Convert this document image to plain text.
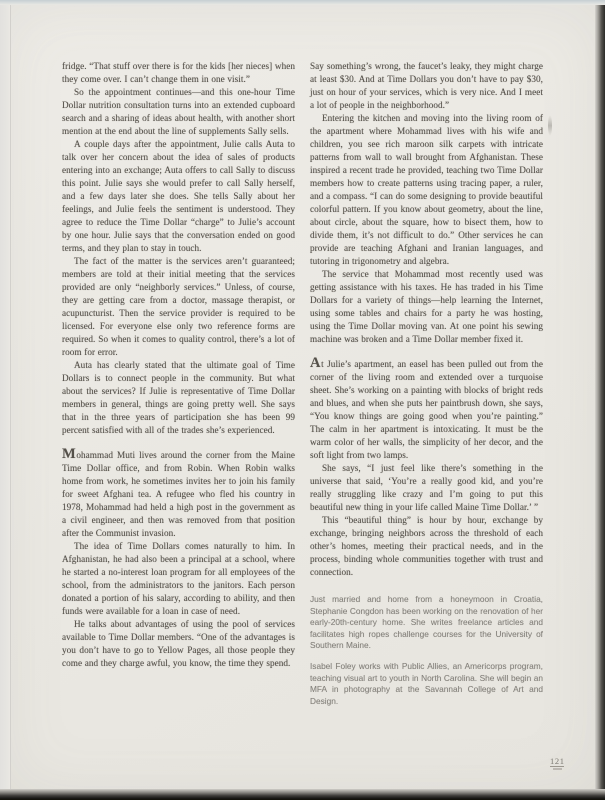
fridge. “That stuff over there is for the kids [her nieces] when they come over. I can’t change them in one visit.”

So the appointment continues—and this one-hour Time Dollar nutrition consultation turns into an extended cupboard search and a sharing of ideas about health, with another short mention at the end about the line of supplements Sally sells.

A couple days after the appointment, Julie calls Auta to talk over her concern about the idea of sales of products entering into an exchange; Auta offers to call Sally to discuss this point. Julie says she would prefer to call Sally herself, and a few days later she does. She tells Sally about her feelings, and Julie feels the sentiment is understood. They agree to reduce the Time Dollar “charge” to Julie’s account by one hour. Julie says that the conversation ended on good terms, and they plan to stay in touch.

The fact of the matter is the services aren’t guaranteed; members are told at their initial meeting that the services provided are only “neighborly services.” Unless, of course, they are getting care from a doctor, massage therapist, or acupuncturist. Then the service provider is required to be licensed. For everyone else only two reference forms are required. So when it comes to quality control, there’s a lot of room for error.

Auta has clearly stated that the ultimate goal of Time Dollars is to connect people in the community. But what about the services? If Julie is representative of Time Dollar members in general, things are going pretty well. She says that in the three years of participation she has been 99 percent satisfied with all of the trades she’s experienced.

Mohammad Muti lives around the corner from the Maine Time Dollar office, and from Robin. When Robin walks home from work, he sometimes invites her to join his family for sweet Afghani tea. A refugee who fled his country in 1978, Mohammad had held a high post in the government as a civil engineer, and then was removed from that position after the Communist invasion.

The idea of Time Dollars comes naturally to him. In Afghanistan, he had also been a principal at a school, where he started a no-interest loan program for all employees of the school, from the administrators to the janitors. Each person donated a portion of his salary, according to ability, and then funds were available for a loan in case of need.

He talks about advantages of using the pool of services available to Time Dollar members. “One of the advantages is you don’t have to go to Yellow Pages, all those people they come and they charge awful, you know, the time they spend.

Say something’s wrong, the faucet’s leaky, they might charge at least $30. And at Time Dollars you don’t have to pay $30, just on hour of your services, which is very nice. And I meet a lot of people in the neighborhood.”

Entering the kitchen and moving into the living room of the apartment where Mohammad lives with his wife and children, you see rich maroon silk carpets with intricate patterns from wall to wall brought from Afghanistan. These inspired a recent trade he provided, teaching two Time Dollar members how to create patterns using tracing paper, a ruler, and a compass. “I can do some designing to provide beautiful colorful pattern. If you know about geometry, about the line, about circle, about the square, how to bisect them, how to divide them, it’s not difficult to do.” Other services he can provide are teaching Afghani and Iranian languages, and tutoring in trigonometry and algebra.

The service that Mohammad most recently used was getting assistance with his taxes. He has traded in his Time Dollars for a variety of things—help learning the Internet, using some tables and chairs for a party he was hosting, using the Time Dollar moving van. At one point his sewing machine was broken and a Time Dollar member fixed it.

At Julie’s apartment, an easel has been pulled out from the corner of the living room and extended over a turquoise sheet. She’s working on a painting with blocks of bright reds and blues, and when she puts her paintbrush down, she says, “You know things are going good when you’re painting.” The calm in her apartment is intoxicating. It must be the warm color of her walls, the simplicity of her decor, and the soft light from two lamps.

She says, “I just feel like there’s something in the universe that said, ‘You’re a really good kid, and you’re really struggling like crazy and I’m going to put this beautiful new thing in your life called Maine Time Dollar.’ ”

This “beautiful thing” is hour by hour, exchange by exchange, bringing neighbors across the threshold of each other’s homes, meeting their practical needs, and in the process, binding whole communities together with trust and connection.

Just married and home from a honeymoon in Croatia, Stephanie Congdon has been working on the renovation of her early-20th-century home. She writes freelance articles and facilitates high ropes challenge courses for the University of Southern Maine.

Isabel Foley works with Public Allies, an Americorps program, teaching visual art to youth in North Carolina. She will begin an MFA in photography at the Savannah College of Art and Design.

121
